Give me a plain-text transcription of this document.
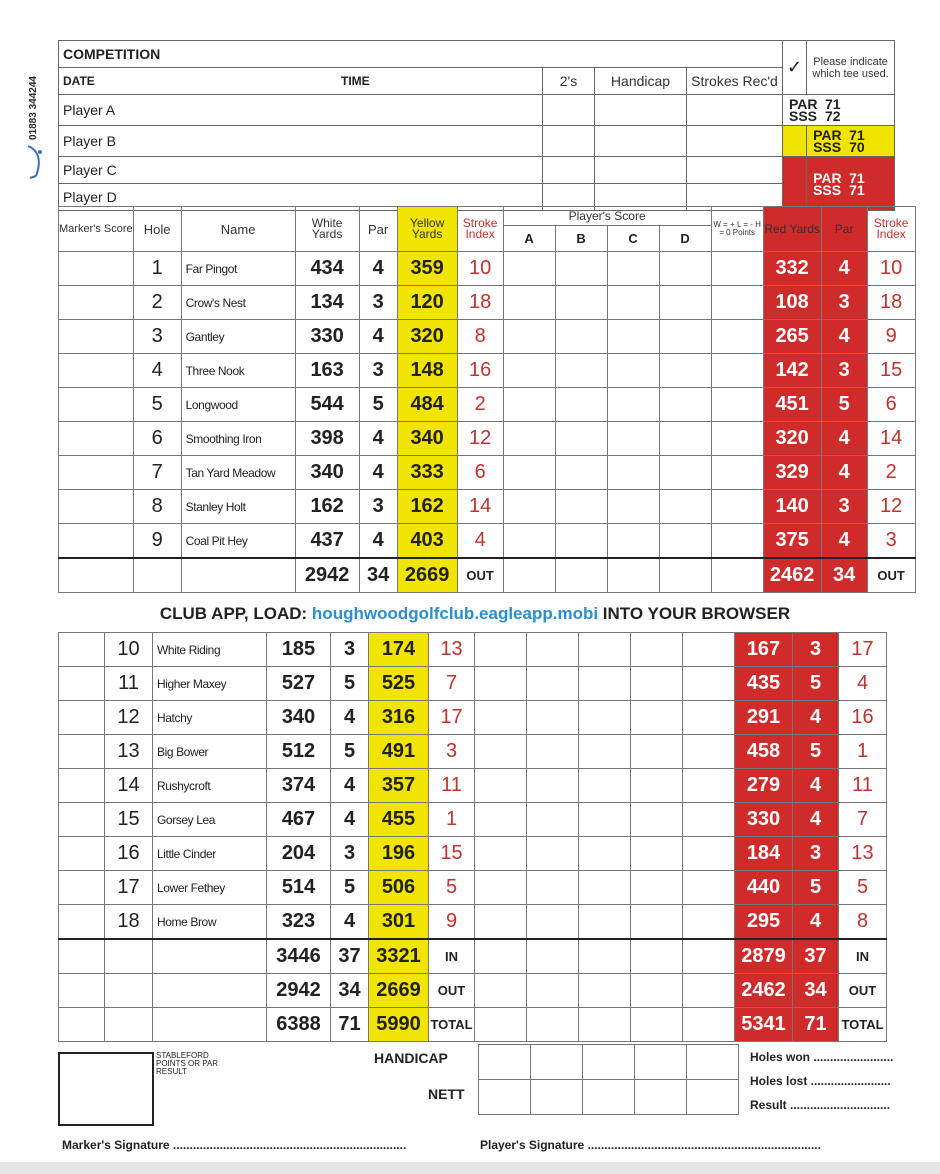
01883 344244
COMPETITION				✓	Please indicate which tee used.
DATE TIME	2's	Handicap	Strokes Rec'd		
Player A				PAR 71
SSS 72	

Player B					PAR 71
SSS 70

Player C					PAR 71
SSS 71

Player D					
Marker's Score	Hole	Name	White Yards	Par	Yellow Yards	Stroke Index	Player's Score				W = + L = - H = 0 Points	Red Yards	Par	Stroke Index
							A	B	C	D				
	1	Far Pingot	434	4	359	10						332	4	10
	2	Crow's Nest	134	3	120	18						108	3	18
	3	Gantley	330	4	320	8						265	4	9
	4	Three Nook	163	3	148	16						142	3	15
	5	Longwood	544	5	484	2						451	5	6
	6	Smoothing Iron	398	4	340	12						320	4	14
	7	Tan Yard Meadow	340	4	333	6						329	4	2
	8	Stanley Holt	162	3	162	14						140	3	12
	9	Coal Pit Hey	437	4	403	4						375	4	3
			2942	34	2669	OUT						2462	34	OUT
CLUB APP, LOAD: houghwoodgolfclub.eagleapp.mobi INTO YOUR BROWSER
	10	White Riding	185	3	174	13						167	3	17
	11	Higher Maxey	527	5	525	7						435	5	4
	12	Hatchy	340	4	316	17						291	4	16
	13	Big Bower	512	5	491	3						458	5	1
	14	Rushycroft	374	4	357	11						279	4	11
	15	Gorsey Lea	467	4	455	1						330	4	7
	16	Little Cinder	204	3	196	15						184	3	13
	17	Lower Fethey	514	5	506	5						440	5	5
	18	Home Brow	323	4	301	9						295	4	8
			3446	37	3321	IN						2879	37	IN
			2942	34	2669	OUT						2462	34	OUT
			6388	71	5990	TOTAL						5341	71	TOTAL
STABLEFORD POINTS OR PAR RESULT
HANDICAP
NETT

Holes won ........................
Holes lost ........................
Result ..............................
Marker's Signature ......................................................................	Player's Signature ......................................................................
